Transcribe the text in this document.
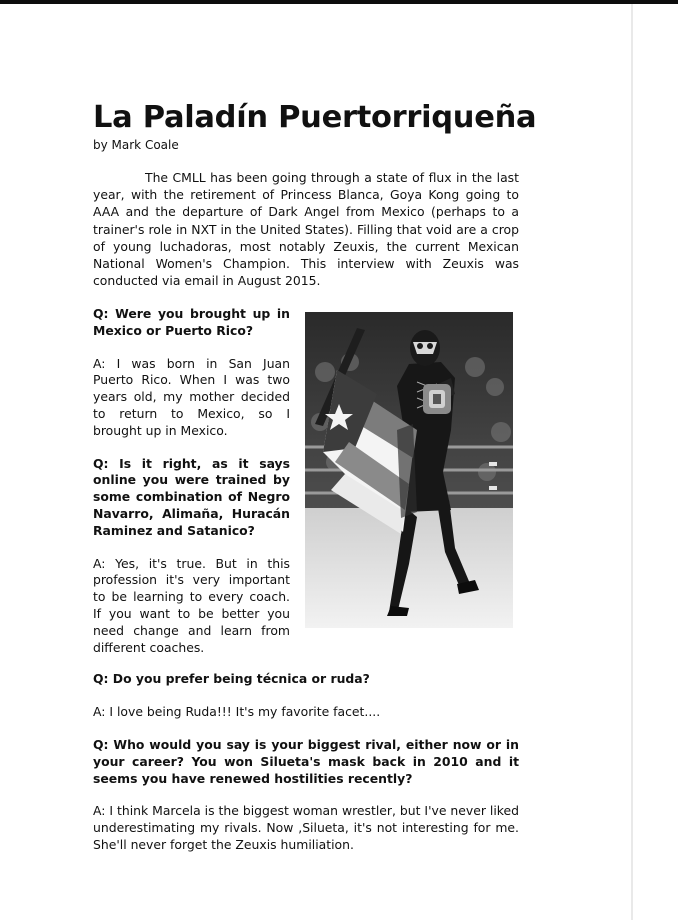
La Paladín Puertorriqueña

by Mark Coale

The CMLL has been going through a state of flux in the last year, with the retirement of Princess Blanca, Goya Kong going to AAA and the departure of Dark Angel from Mexico (perhaps to a trainer's role in NXT in the United States). Filling that void are a crop of young luchadoras, most notably Zeuxis, the current Mexican National Women's Champion. This interview with Zeuxis was conducted via email in August 2015.

Q: Were you brought up in Mexico or Puerto Rico?

A: I was born in San Juan Puerto Rico. When I was two years old, my mother decided to return to Mexico, so I brought up in Mexico.

Q: Is it right, as it says online you were trained by some combination of Negro Navarro, Alimaña, Huracán Raminez and Satanico?

A: Yes, it's true. But in this profession it's very important to be learning to every coach. If you want to be better you need change and learn from different coaches.

Q: Do you prefer being técnica or ruda?

A: I love being Ruda!!! It's my favorite facet....

Q: Who would you say is your biggest rival, either now or in your career? You won Silueta's mask back in 2010 and it seems you have renewed hostilities recently?

A: I think Marcela is the biggest woman wrestler, but I've never liked underestimating my rivals. Now ,Silueta, it's not interesting for me. She'll never forget the Zeuxis humiliation.
